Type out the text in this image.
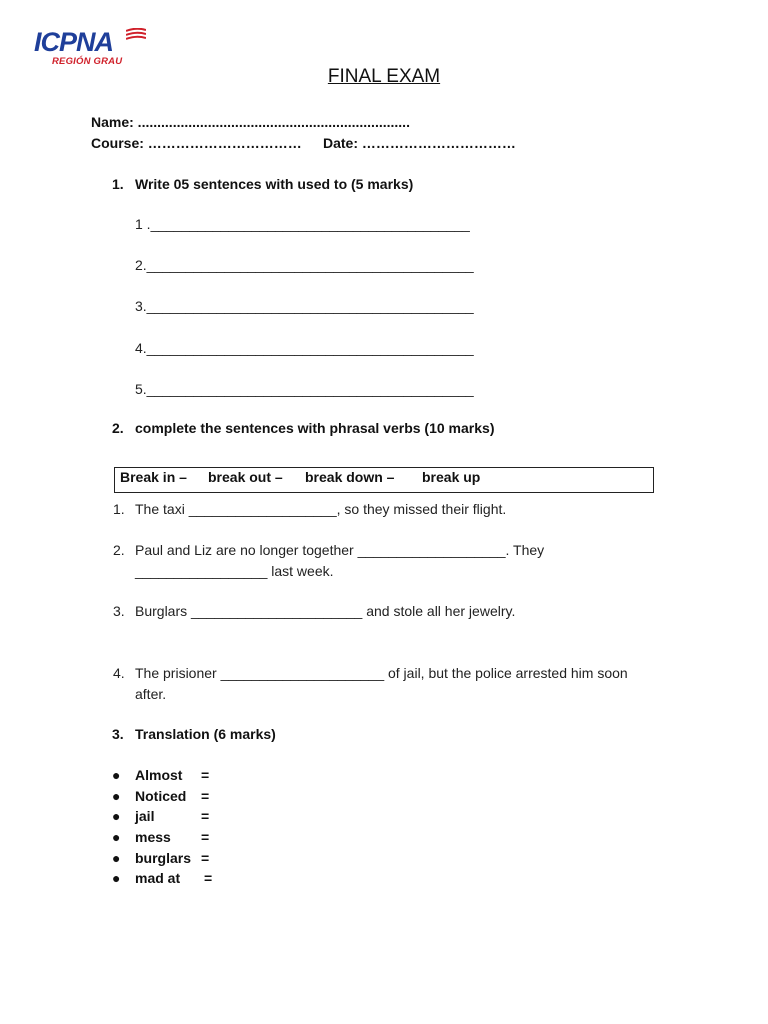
ICPNA

REGIÓN GRAU

FINAL EXAM
Name: ......................................................................
Course: …………………………… Date: ……………………………
1. Write 05 sentences with used to (5 marks)
1 ._________________________________________
2.__________________________________________
3.__________________________________________
4.__________________________________________
5.__________________________________________
2. complete the sentences with phrasal verbs (10 marks)
Break in – break out – break down – break up
1. The taxi ___________________, so they missed their flight.
2. Paul and Liz are no longer together ___________________. They
_________________ last week.
3. Burglars ______________________ and stole all her jewelry.
4. The prisioner _____________________ of jail, but the police arrested him soon
after.
3. Translation (6 marks)
● Almost =
● Noticed =
● jail	=
● mess =
● burglars =
● mad at =
